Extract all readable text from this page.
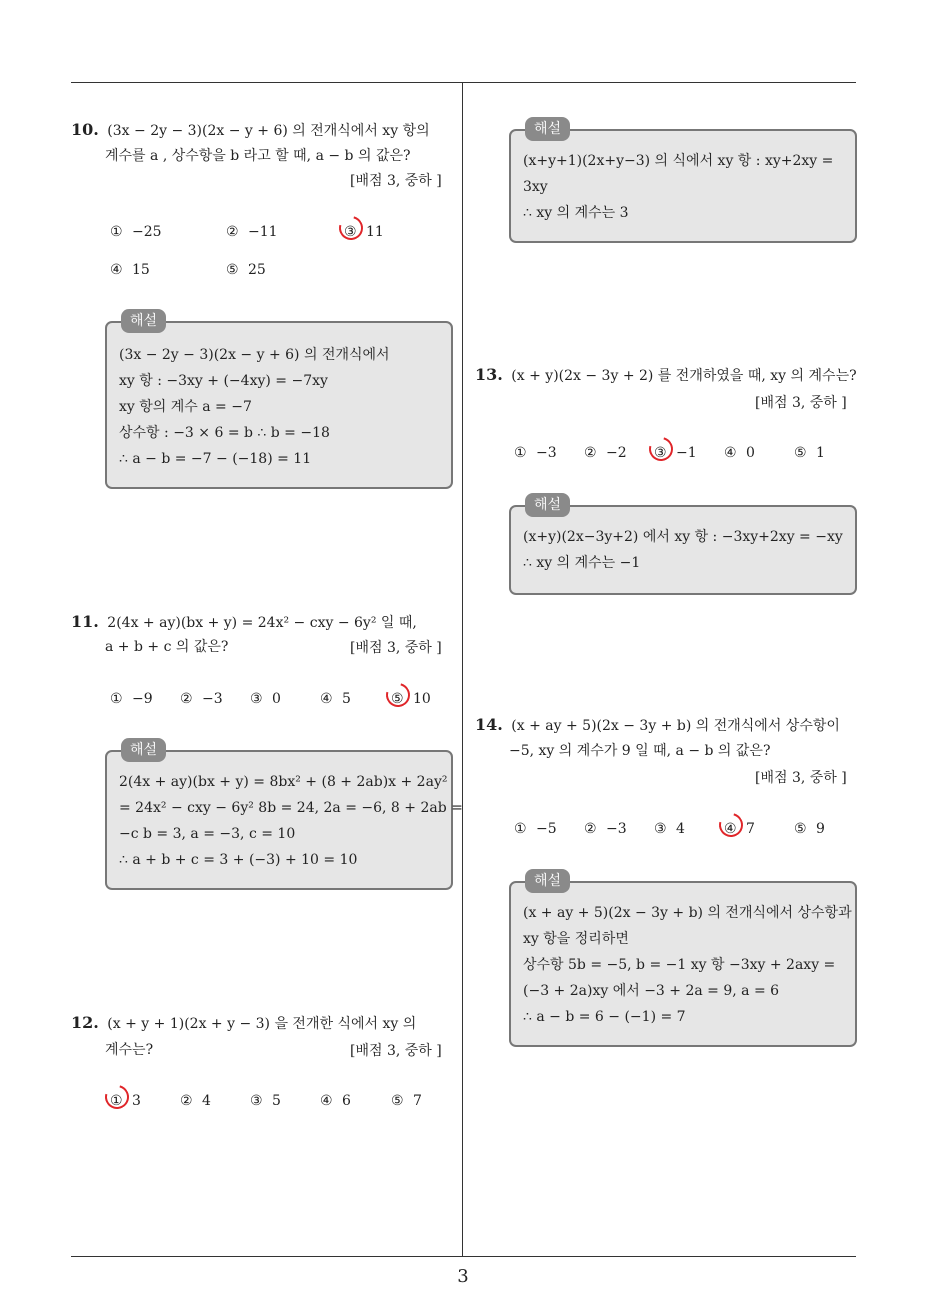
10. (3x − 2y − 3)(2x − y + 6) 의 전개식에서 xy 항의
계수를 a , 상수항을 b 라고 할 때, a − b 의 값은?
[배점 3, 중하 ]
① −25	② −11	③ 11
④ 15	⑤ 25
해설
(3x − 2y − 3)(2x − y + 6) 의 전개식에서
xy 항 : −3xy + (−4xy) = −7xy
xy 항의 계수 a = −7
상수항 : −3 × 6 = b ∴ b = −18
∴ a − b = −7 − (−18) = 11
11. 2(4x + ay)(bx + y) = 24x² − cxy − 6y² 일 때,
a + b + c 의 값은?	[배점 3, 중하 ]
① −9 ② −3 ③ 0	④ 5	⑤ 10
해설
2(4x + ay)(bx + y) = 8bx² + (8 + 2ab)x + 2ay²
= 24x² − cxy − 6y² 8b = 24, 2a = −6, 8 + 2ab =
−c b = 3, a = −3, c = 10
∴ a + b + c = 3 + (−3) + 10 = 10
12. (x + y + 1)(2x + y − 3) 을 전개한 식에서 xy 의
계수는?	[배점 3, 중하 ]
① 3	② 4	③ 5	④ 6	⑤ 7
해설
(x+y+1)(2x+y−3) 의 식에서 xy 항 : xy+2xy =
3xy
∴ xy 의 계수는 3
13. (x + y)(2x − 3y + 2) 를 전개하였을 때, xy 의 계수는?
[배점 3, 중하 ]
① −3 ② −2 ③ −1 ④ 0	⑤ 1
해설
(x+y)(2x−3y+2) 에서 xy 항 : −3xy+2xy = −xy
∴ xy 의 계수는 −1
14. (x + ay + 5)(2x − 3y + b) 의 전개식에서 상수항이
−5, xy 의 계수가 9 일 때, a − b 의 값은?
[배점 3, 중하 ]
① −5 ② −3 ③ 4	④ 7	⑤ 9
해설
(x + ay + 5)(2x − 3y + b) 의 전개식에서 상수항과
xy 항을 정리하면
상수항 5b = −5, b = −1 xy 항 −3xy + 2axy =
(−3 + 2a)xy 에서 −3 + 2a = 9, a = 6
∴ a − b = 6 − (−1) = 7
3
